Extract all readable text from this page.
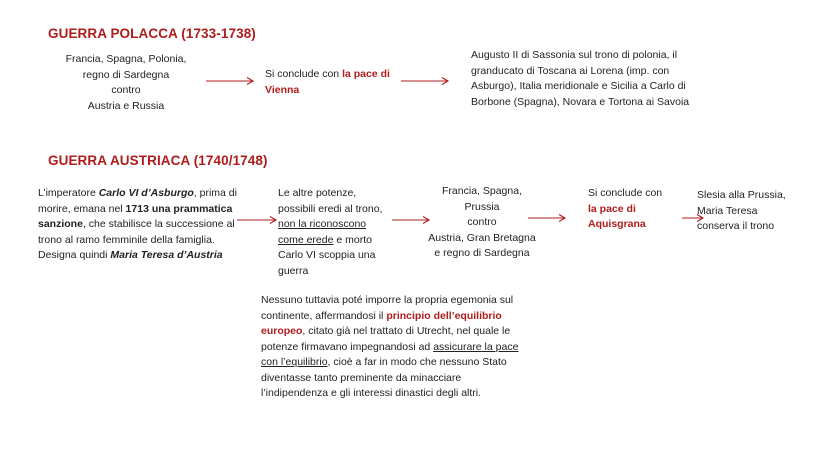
GUERRA POLACCA (1733-1738)
Francia, Spagna, Polonia,
regno di Sardegna
contro
Austria e Russia
Si conclude con la pace di
Vienna
Augusto II di Sassonia sul trono di polonia, il
granducato di Toscana ai Lorena (imp. con
Asburgo), Italia meridionale e Sicilia a Carlo di
Borbone (Spagna), Novara e Tortona ai Savoia
GUERRA AUSTRIACA (1740/1748)
L’imperatore Carlo VI d’Asburgo, prima di
morire, emana nel 1713 una prammatica
sanzione, che stabilisce la successione al
trono al ramo femminile della famiglia.
Designa quindi Maria Teresa d’Austria
Le altre potenze,
possibili eredi al trono,
non la riconoscono
come erede e morto
Carlo VI scoppia una
guerra
Francia, Spagna,
Prussia
contro
Austria, Gran Bretagna
e regno di Sardegna
Si conclude con
la pace di
Aquisgrana
Slesia alla Prussia,
Maria Teresa
conserva il trono
Nessuno tuttavia poté imporre la propria egemonia sul
continente, affermandosi il principio dell’equilibrio
europeo, citato già nel trattato di Utrecht, nel quale le
potenze firmavano impegnandosi ad assicurare la pace
con l’equilibrio, cioè a far in modo che nessuno Stato
diventasse tanto preminente da minacciare
l’indipendenza e gli interessi dinastici degli altri.
